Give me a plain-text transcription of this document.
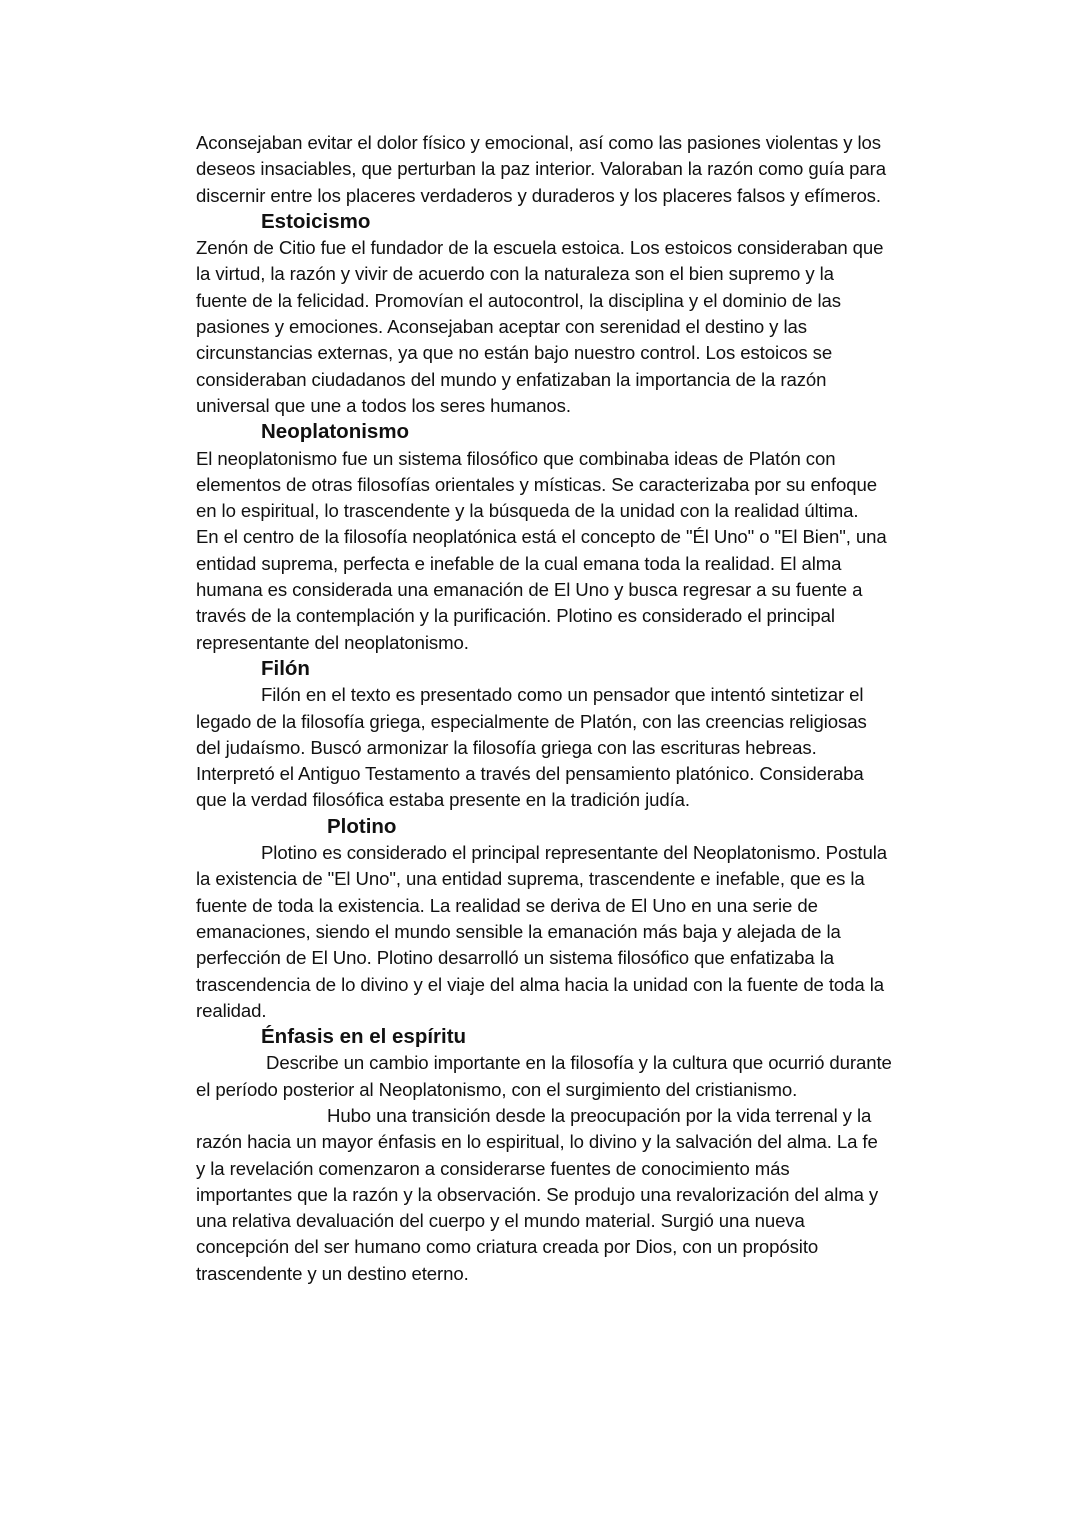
Aconsejaban evitar el dolor físico y emocional, así como las pasiones violentas y los
deseos insaciables, que perturban la paz interior. Valoraban la razón como guía para
discernir entre los placeres verdaderos y duraderos y los placeres falsos y efímeros.
Estoicismo
Zenón de Citio fue el fundador de la escuela estoica. Los estoicos consideraban que
la virtud, la razón y vivir de acuerdo con la naturaleza son el bien supremo y la
fuente de la felicidad. Promovían el autocontrol, la disciplina y el dominio de las
pasiones y emociones. Aconsejaban aceptar con serenidad el destino y las
circunstancias externas, ya que no están bajo nuestro control. Los estoicos se
consideraban ciudadanos del mundo y enfatizaban la importancia de la razón
universal que une a todos los seres humanos.
Neoplatonismo
El neoplatonismo fue un sistema filosófico que combinaba ideas de Platón con
elementos de otras filosofías orientales y místicas. Se caracterizaba por su enfoque
en lo espiritual, lo trascendente y la búsqueda de la unidad con la realidad última.
En el centro de la filosofía neoplatónica está el concepto de "Él Uno" o "El Bien", una
entidad suprema, perfecta e inefable de la cual emana toda la realidad. El alma
humana es considerada una emanación de El Uno y busca regresar a su fuente a
través de la contemplación y la purificación. Plotino es considerado el principal
representante del neoplatonismo.
Filón
Filón en el texto es presentado como un pensador que intentó sintetizar el
legado de la filosofía griega, especialmente de Platón, con las creencias religiosas
del judaísmo. Buscó armonizar la filosofía griega con las escrituras hebreas.
Interpretó el Antiguo Testamento a través del pensamiento platónico. Consideraba
que la verdad filosófica estaba presente en la tradición judía.
Plotino
Plotino es considerado el principal representante del Neoplatonismo. Postula
la existencia de "El Uno", una entidad suprema, trascendente e inefable, que es la
fuente de toda la existencia. La realidad se deriva de El Uno en una serie de
emanaciones, siendo el mundo sensible la emanación más baja y alejada de la
perfección de El Uno. Plotino desarrolló un sistema filosófico que enfatizaba la
trascendencia de lo divino y el viaje del alma hacia la unidad con la fuente de toda la
realidad.
Énfasis en el espíritu
Describe un cambio importante en la filosofía y la cultura que ocurrió durante
el período posterior al Neoplatonismo, con el surgimiento del cristianismo.
Hubo una transición desde la preocupación por la vida terrenal y la
razón hacia un mayor énfasis en lo espiritual, lo divino y la salvación del alma. La fe
y la revelación comenzaron a considerarse fuentes de conocimiento más
importantes que la razón y la observación. Se produjo una revalorización del alma y
una relativa devaluación del cuerpo y el mundo material. Surgió una nueva
concepción del ser humano como criatura creada por Dios, con un propósito
trascendente y un destino eterno.
